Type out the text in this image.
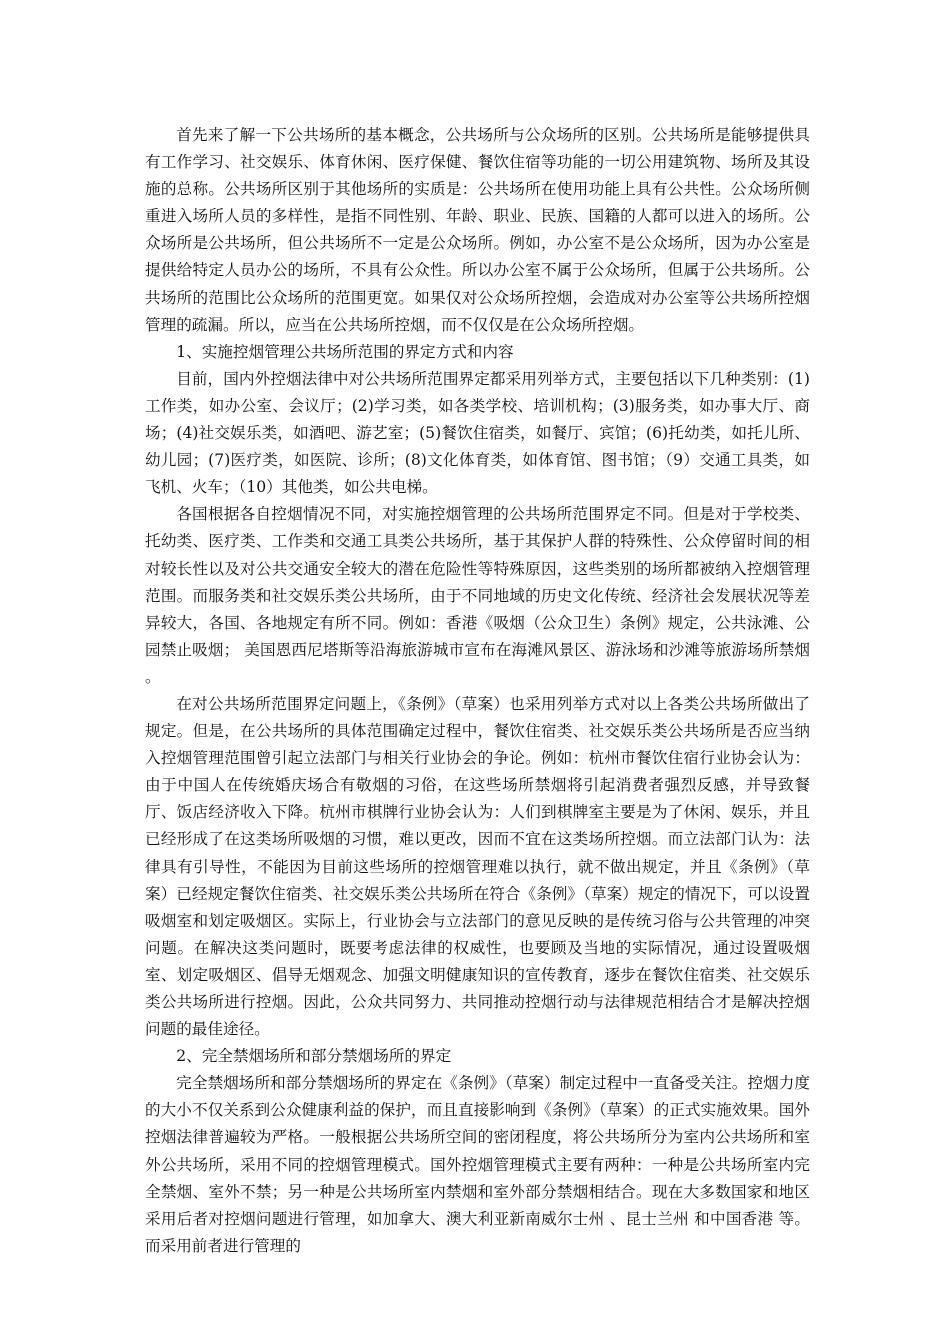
首先来了解一下公共场所的基本概念，公共场所与公众场所的区别。公共场所是能够提供具有工作学习、社交娱乐、体育休闲、医疗保健、餐饮住宿等功能的一切公用建筑物、场所及其设施的总称。公共场所区别于其他场所的实质是：公共场所在使用功能上具有公共性。公众场所侧重进入场所人员的多样性，是指不同性别、年龄、职业、民族、国籍的人都可以进入的场所。公众场所是公共场所，但公共场所不一定是公众场所。例如，办公室不是公众场所，因为办公室是提供给特定人员办公的场所，不具有公众性。所以办公室不属于公众场所，但属于公共场所。公共场所的范围比公众场所的范围更宽。如果仅对公众场所控烟，会造成对办公室等公共场所控烟管理的疏漏。所以，应当在公共场所控烟，而不仅仅是在公众场所控烟。

1、实施控烟管理公共场所范围的界定方式和内容

目前，国内外控烟法律中对公共场所范围界定都采用列举方式，主要包括以下几种类别：(1)工作类，如办公室、会议厅；(2)学习类，如各类学校、培训机构；(3)服务类，如办事大厅、商场；(4)社交娱乐类，如酒吧、游艺室；(5)餐饮住宿类，如餐厅、宾馆；(6)托幼类，如托儿所、幼儿园；(7)医疗类，如医院、诊所；(8)文化体育类，如体育馆、图书馆；（9）交通工具类，如飞机、火车；（10）其他类，如公共电梯。

各国根据各自控烟情况不同，对实施控烟管理的公共场所范围界定不同。但是对于学校类、托幼类、医疗类、工作类和交通工具类公共场所，基于其保护人群的特殊性、公众停留时间的相对较长性以及对公共交通安全较大的潜在危险性等特殊原因，这些类别的场所都被纳入控烟管理范围。而服务类和社交娱乐类公共场所，由于不同地域的历史文化传统、经济社会发展状况等差异较大，各国、各地规定有所不同。例如：香港《吸烟（公众卫生）条例》规定，公共泳滩、公园禁止吸烟； 美国恩西尼塔斯等沿海旅游城市宣布在海滩风景区、游泳场和沙滩等旅游场所禁烟 。

在对公共场所范围界定问题上，《条例》（草案）也采用列举方式对以上各类公共场所做出了规定。但是，在公共场所的具体范围确定过程中，餐饮住宿类、社交娱乐类公共场所是否应当纳入控烟管理范围曾引起立法部门与相关行业协会的争论。例如：杭州市餐饮住宿行业协会认为：由于中国人在传统婚庆场合有敬烟的习俗，在这些场所禁烟将引起消费者强烈反感，并导致餐厅、饭店经济收入下降。杭州市棋牌行业协会认为：人们到棋牌室主要是为了休闲、娱乐，并且已经形成了在这类场所吸烟的习惯，难以更改，因而不宜在这类场所控烟。而立法部门认为：法律具有引导性，不能因为目前这些场所的控烟管理难以执行，就不做出规定，并且《条例》（草案）已经规定餐饮住宿类、社交娱乐类公共场所在符合《条例》（草案）规定的情况下，可以设置吸烟室和划定吸烟区。实际上，行业协会与立法部门的意见反映的是传统习俗与公共管理的冲突问题。在解决这类问题时，既要考虑法律的权威性，也要顾及当地的实际情况，通过设置吸烟室、划定吸烟区、倡导无烟观念、加强文明健康知识的宣传教育，逐步在餐饮住宿类、社交娱乐类公共场所进行控烟。因此，公众共同努力、共同推动控烟行动与法律规范相结合才是解决控烟问题的最佳途径。

2、完全禁烟场所和部分禁烟场所的界定

完全禁烟场所和部分禁烟场所的界定在《条例》（草案）制定过程中一直备受关注。控烟力度的大小不仅关系到公众健康利益的保护，而且直接影响到《条例》（草案）的正式实施效果。国外控烟法律普遍较为严格。一般根据公共场所空间的密闭程度，将公共场所分为室内公共场所和室外公共场所，采用不同的控烟管理模式。国外控烟管理模式主要有两种：一种是公共场所室内完全禁烟、室外不禁；另一种是公共场所室内禁烟和室外部分禁烟相结合。现在大多数国家和地区采用后者对控烟问题进行管理，如加拿大、澳大利亚新南威尔士州 、昆士兰州 和中国香港 等。而采用前者进行管理的
